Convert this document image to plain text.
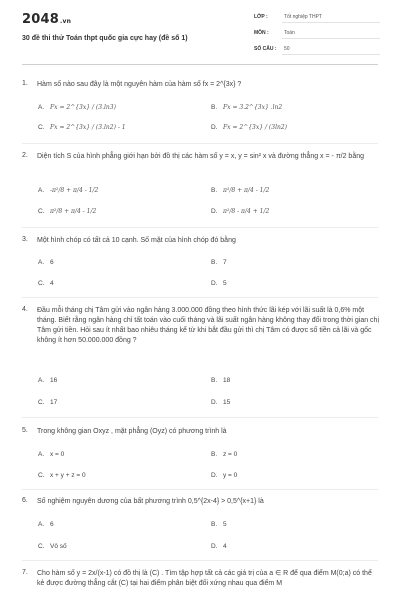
2048.vn
30 đề thi thử Toán thpt quốc gia cực hay (đề số 1)
LỚP :	Tốt nghiệp THPT
MÔN :	Toán
SỐ CÂU : 50
1.	Hàm số nào sau đây là một nguyên hàm của hàm số fx = 2^{3x} ?
A. Fx = 2^{3x} / (3.ln3)	B. Fx = 3.2^{3x} .ln2
C. Fx = 2^{3x} / (3.ln2) - 1	D. Fx = 2^{3x} / (3ln2)
2.	Diện tích S của hình phẳng giới hạn bởi đồ thị các hàm số y = x, y = sin² x và đường thẳng x = - π/2 bằng
A. -π²/8 + π/4 - 1/2	B. π²/8 + π/4 - 1/2
C. π²/8 + π/4 - 1/2	D. π²/8 - π/4 + 1/2
3.	Một hình chóp có tất cả 10 cạnh. Số mặt của hình chóp đó bằng
A. 6	B. 7
C. 4	D. 5
4.	Đầu mỗi tháng chị Tâm gửi vào ngân hàng 3.000.000 đồng theo hình thức lãi kép với lãi suất là 0,6% một tháng. Biết rằng ngân hàng chỉ tất toán vào cuối tháng và lãi suất ngân hàng không thay đổi trong thời gian chị Tâm gửi tiền. Hỏi sau ít nhất bao nhiêu tháng kể từ khi bắt đầu gửi thì chị Tâm có được số tiền cả lãi và gốc không ít hơn 50.000.000 đồng ?
A. 16	B. 18
C. 17	D. 15
5.	Trong không gian Oxyz , mặt phẳng (Oyz) có phương trình là
A. x = 0	B. z = 0
C. x + y + z = 0	D. y = 0
6.	Số nghiệm nguyên dương của bất phương trình 0,5^{2x-4} > 0,5^{x+1} là
A. 6	B. 5
C. Vô số	D. 4
7.	Cho hàm số y = 2x/(x-1) có đồ thị là (C) . Tìm tập hợp tất cả các giá trị của a ∈ R để qua điểm M(0;a) có thể kẻ được đường thẳng cắt (C) tại hai điểm phân biệt đối xứng nhau qua điểm M
